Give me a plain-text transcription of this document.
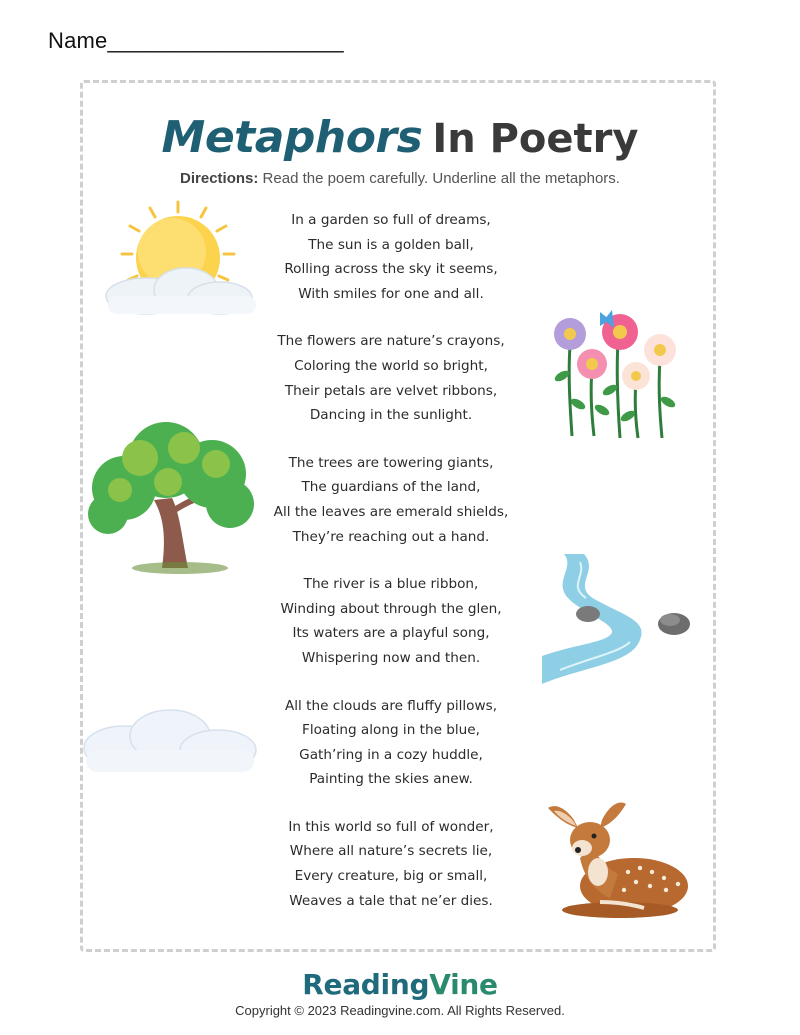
Name___________________
Metaphors In Poetry
Directions: Read the poem carefully. Underline all the metaphors.
In a garden so full of dreams,
The sun is a golden ball,
Rolling across the sky it seems,
With smiles for one and all.
The flowers are nature’s crayons,
Coloring the world so bright,
Their petals are velvet ribbons,
Dancing in the sunlight.
The trees are towering giants,
The guardians of the land,
All the leaves are emerald shields,
They’re reaching out a hand.
The river is a blue ribbon,
Winding about through the glen,
Its waters are a playful song,
Whispering now and then.
All the clouds are fluffy pillows,
Floating along in the blue,
Gath’ring in a cozy huddle,
Painting the skies anew.
In this world so full of wonder,
Where all nature’s secrets lie,
Every creature, big or small,
Weaves a tale that ne’er dies.
ReadingVine
Copyright © 2023 Readingvine.com. All Rights Reserved.
